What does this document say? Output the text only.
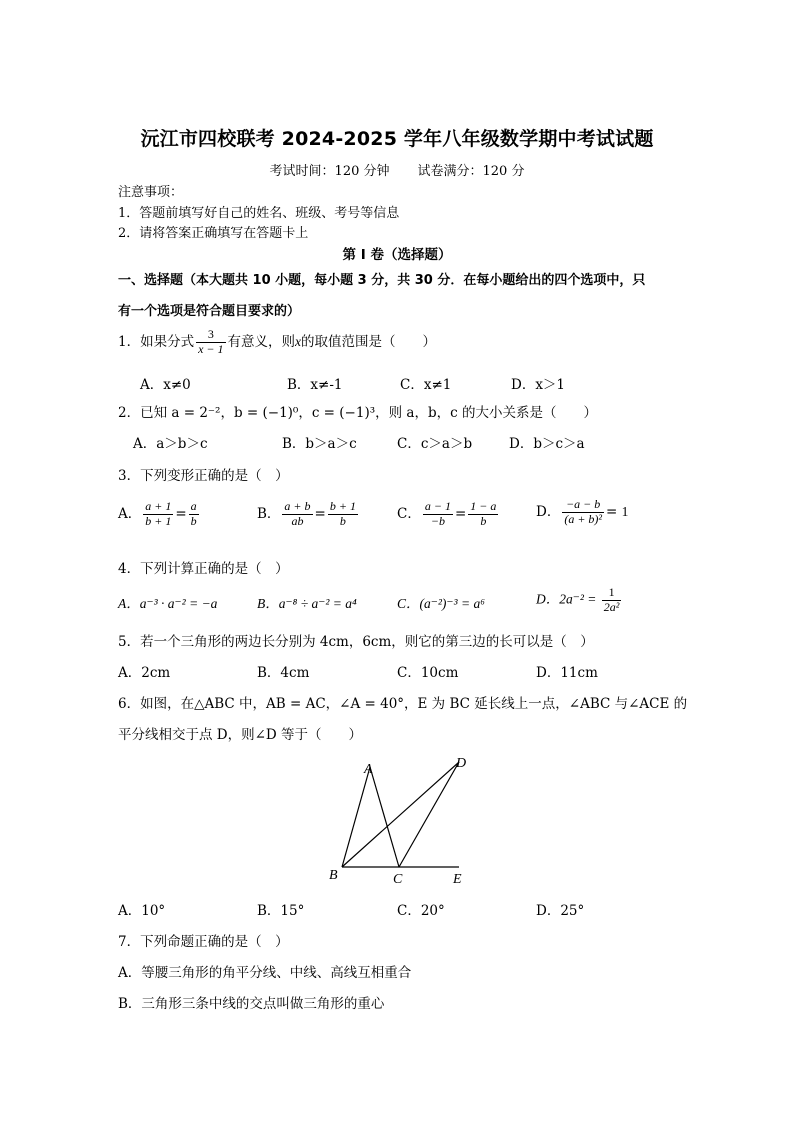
沅江市四校联考 2024-2025 学年八年级数学期中考试试题
考试时间：120 分钟 试卷满分：120 分
注意事项：
1．答题前填写好自己的姓名、班级、考号等信息
2．请将答案正确填写在答题卡上
第 I 卷（选择题）
一、选择题（本大题共 10 小题，每小题 3 分，共 30 分．在每小题给出的四个选项中，只
有一个选项是符合题目要求的）
1．如果分式 $\frac{3}{x - 1}$ 有意义，则x的取值范围是（　　）
A．x≠0	B．x≠-1	C．x≠1	D．x＞1
2．已知 a = 2⁻²，b = (−1)⁰，c = (−1)³，则 a，b，c 的大小关系是（　　）
A．a＞b＞c	B．b＞a＞c	C．c＞a＞b	D．b＞c＞a
3．下列变形正确的是（　）
A． $\frac{a + 1}{b + 1} = \frac{a}{b}$	B． $\frac{a + b}{ab} = \frac{b + 1}{b}$	C． $\frac{a - 1}{-b} = \frac{1 - a}{b}$	D． $\frac{-a - b}{\text{(a + b)²}} = 1$
4．下列计算正确的是（　）
A．a⁻³ · a⁻² = −a	B．a⁻⁸ ÷ a⁻² = a⁴	C．(a⁻²)⁻³ = a⁶	D．$2a^{-2} = \frac{1}{\text{2a²}}$
5．若一个三角形的两边长分别为 4cm，6cm，则它的第三边的长可以是（　）
A．2cm	B．4cm	C．10cm	D．11cm
6．如图，在△ABC 中，AB = AC，∠A = 40°，E 为 BC 延长线上一点，∠ABC 与∠ACE 的
平分线相交于点 D，则∠D 等于（　　）
A
B	C
D
E
A．10°	B．15°	C．20°	D．25°
7．下列命题正确的是（　）
A．等腰三角形的角平分线、中线、高线互相重合
B．三角形三条中线的交点叫做三角形的重心
